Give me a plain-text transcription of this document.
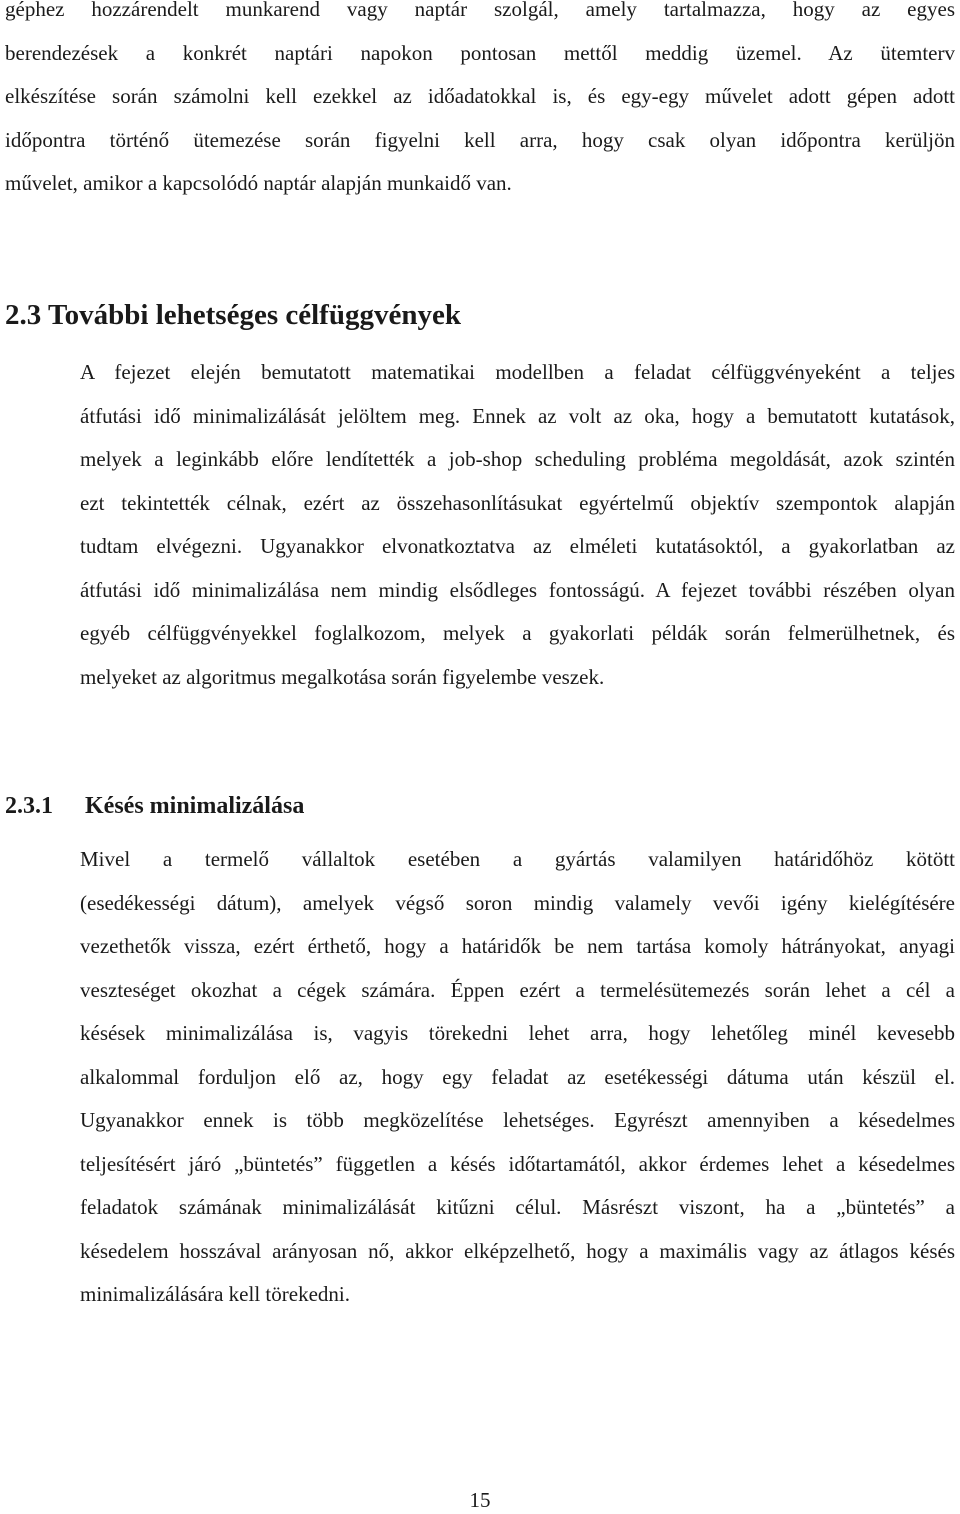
géphez hozzárendelt munkarend vagy naptár szolgál, amely tartalmazza, hogy az egyes
berendezések a konkrét naptári napokon pontosan mettől meddig üzemel. Az ütemterv
elkészítése során számolni kell ezekkel az időadatokkal is, és egy-egy művelet adott gépen adott
időpontra történő ütemezése során figyelni kell arra, hogy csak olyan időpontra kerüljön
művelet, amikor a kapcsolódó naptár alapján munkaidő van.

2.3 További lehetséges célfüggvények

A fejezet elején bemutatott matematikai modellben a feladat célfüggvényeként a teljes
átfutási idő minimalizálását jelöltem meg. Ennek az volt az oka, hogy a bemutatott kutatások,
melyek a leginkább előre lendítették a job-shop scheduling probléma megoldását, azok szintén
ezt tekintették célnak, ezért az összehasonlításukat egyértelmű objektív szempontok alapján
tudtam elvégezni. Ugyanakkor elvonatkoztatva az elméleti kutatásoktól, a gyakorlatban az
átfutási idő minimalizálása nem mindig elsődleges fontosságú. A fejezet további részében olyan
egyéb célfüggvényekkel foglalkozom, melyek a gyakorlati példák során felmerülhetnek, és
melyeket az algoritmus megalkotása során figyelembe veszek.

2.3.1 Késés minimalizálása

Mivel a termelő vállaltok esetében a gyártás valamilyen határidőhöz kötött
(esedékességi dátum), amelyek végső soron mindig valamely vevői igény kielégítésére
vezethetők vissza, ezért érthető, hogy a határidők be nem tartása komoly hátrányokat, anyagi
veszteséget okozhat a cégek számára. Éppen ezért a termelésütemezés során lehet a cél a
késések minimalizálása is, vagyis törekedni lehet arra, hogy lehetőleg minél kevesebb
alkalommal forduljon elő az, hogy egy feladat az esetékességi dátuma után készül el.
Ugyanakkor ennek is több megközelítése lehetséges. Egyrészt amennyiben a késedelmes
teljesítésért járó „büntetés” független a késés időtartamától, akkor érdemes lehet a késedelmes
feladatok számának minimalizálását kitűzni célul. Másrészt viszont, ha a „büntetés” a
késedelem hosszával arányosan nő, akkor elképzelhető, hogy a maximális vagy az átlagos késés
minimalizálására kell törekedni.

15
